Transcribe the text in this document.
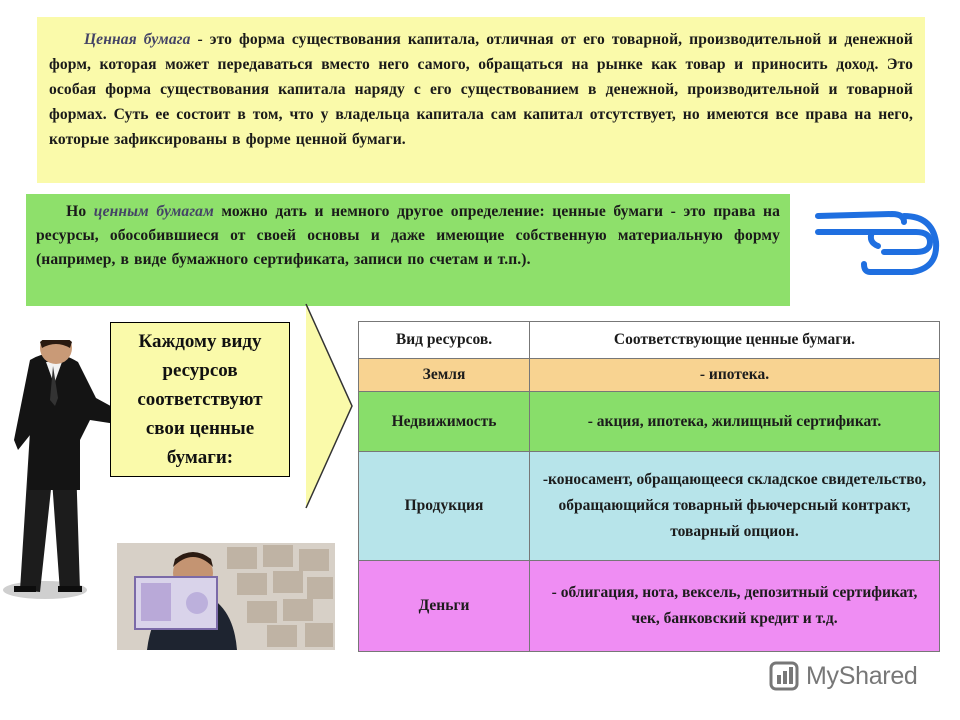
Ценная бумага - это форма существования капитала, отличная от его товарной, производительной и денежной форм, которая может передаваться вместо него самого, обращаться на рынке как товар и приносить доход. Это особая форма существования капитала наряду с его существованием в денежной, производительной и товарной формах. Суть ее состоит в том, что у владельца капитала сам капитал отсутствует, но имеются все права на него, которые зафиксированы в форме ценной бумаги.

Но ценным бумагам можно дать и немного другое определение: ценные бумаги - это права на ресурсы, обособившиеся от своей основы и даже имеющие собственную материальную форму (например, в виде бумажного сертификата, записи по счетам и т.п.).

Каждому виду
ресурсов
соответствуют
свои ценные
бумаги:
Вид ресурсов.	Соответствующие ценные бумаги.
Земля	- ипотека.
Недвижимость	- акция, ипотека, жилищный сертификат.
Продукция	-коносамент, обращающееся складское свидетельство, обращающийся товарный фьючерсный контракт, товарный опцион.
Деньги	- облигация, нота, вексель, депозитный сертификат, чек, банковский кредит и т.д.
MyShared
